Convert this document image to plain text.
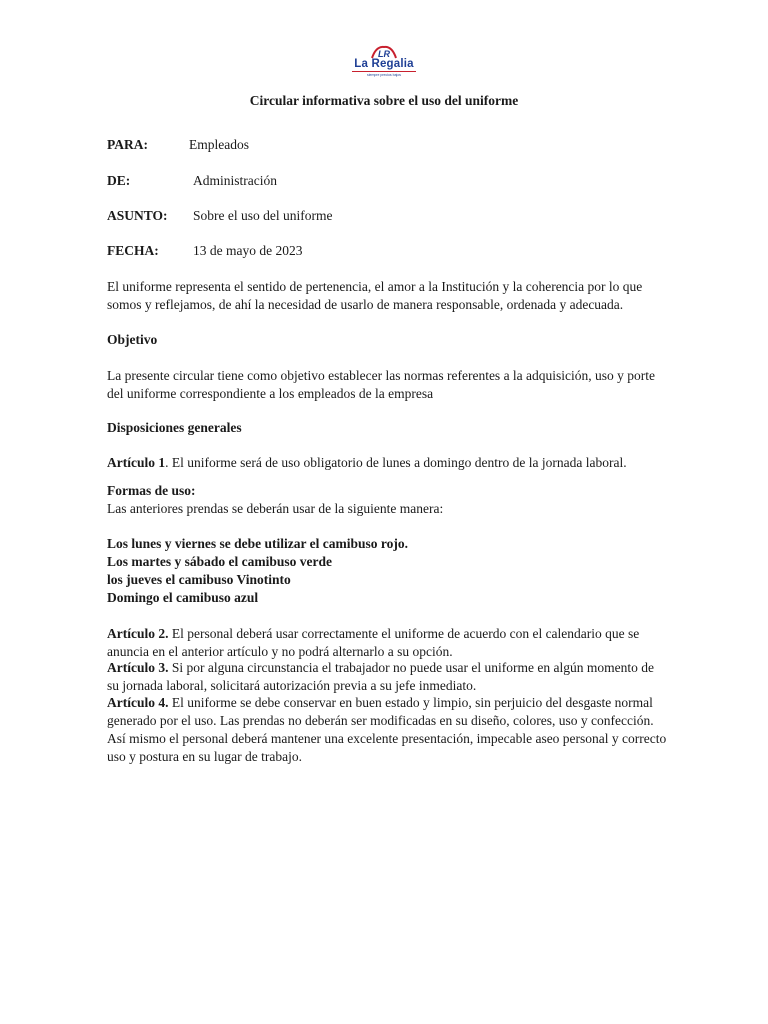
LR
La Regalia
siempre precios bajos
Circular informativa sobre el uso del uniforme
PARA:	Empleados
DE:	Administración
ASUNTO: Sobre el uso del uniforme
FECHA:	13 de mayo de 2023
El uniforme representa el sentido de pertenencia, el amor a la Institución y la coherencia por lo que somos y reflejamos, de ahí la necesidad de usarlo de manera responsable, ordenada y adecuada.
Objetivo
La presente circular tiene como objetivo establecer las normas referentes a la adquisición, uso y porte del uniforme correspondiente a los empleados de la empresa
Disposiciones generales
Artículo 1. El uniforme será de uso obligatorio de lunes a domingo dentro de la jornada laboral.
Formas de uso:
Las anteriores prendas se deberán usar de la siguiente manera:
Los lunes y viernes se debe utilizar el camibuso rojo.
Los martes y sábado el camibuso verde
los jueves el camibuso Vinotinto
Domingo el camibuso azul
Artículo 2. El personal deberá usar correctamente el uniforme de acuerdo con el calendario que se anuncia en el anterior artículo y no podrá alternarlo a su opción.
Artículo 3. Si por alguna circunstancia el trabajador no puede usar el uniforme en algún momento de su jornada laboral, solicitará autorización previa a su jefe inmediato.
Artículo 4. El uniforme se debe conservar en buen estado y limpio, sin perjuicio del desgaste normal generado por el uso. Las prendas no deberán ser modificadas en su diseño, colores, uso y confección. Así mismo el personal deberá mantener una excelente presentación, impecable aseo personal y correcto uso y postura en su lugar de trabajo.
